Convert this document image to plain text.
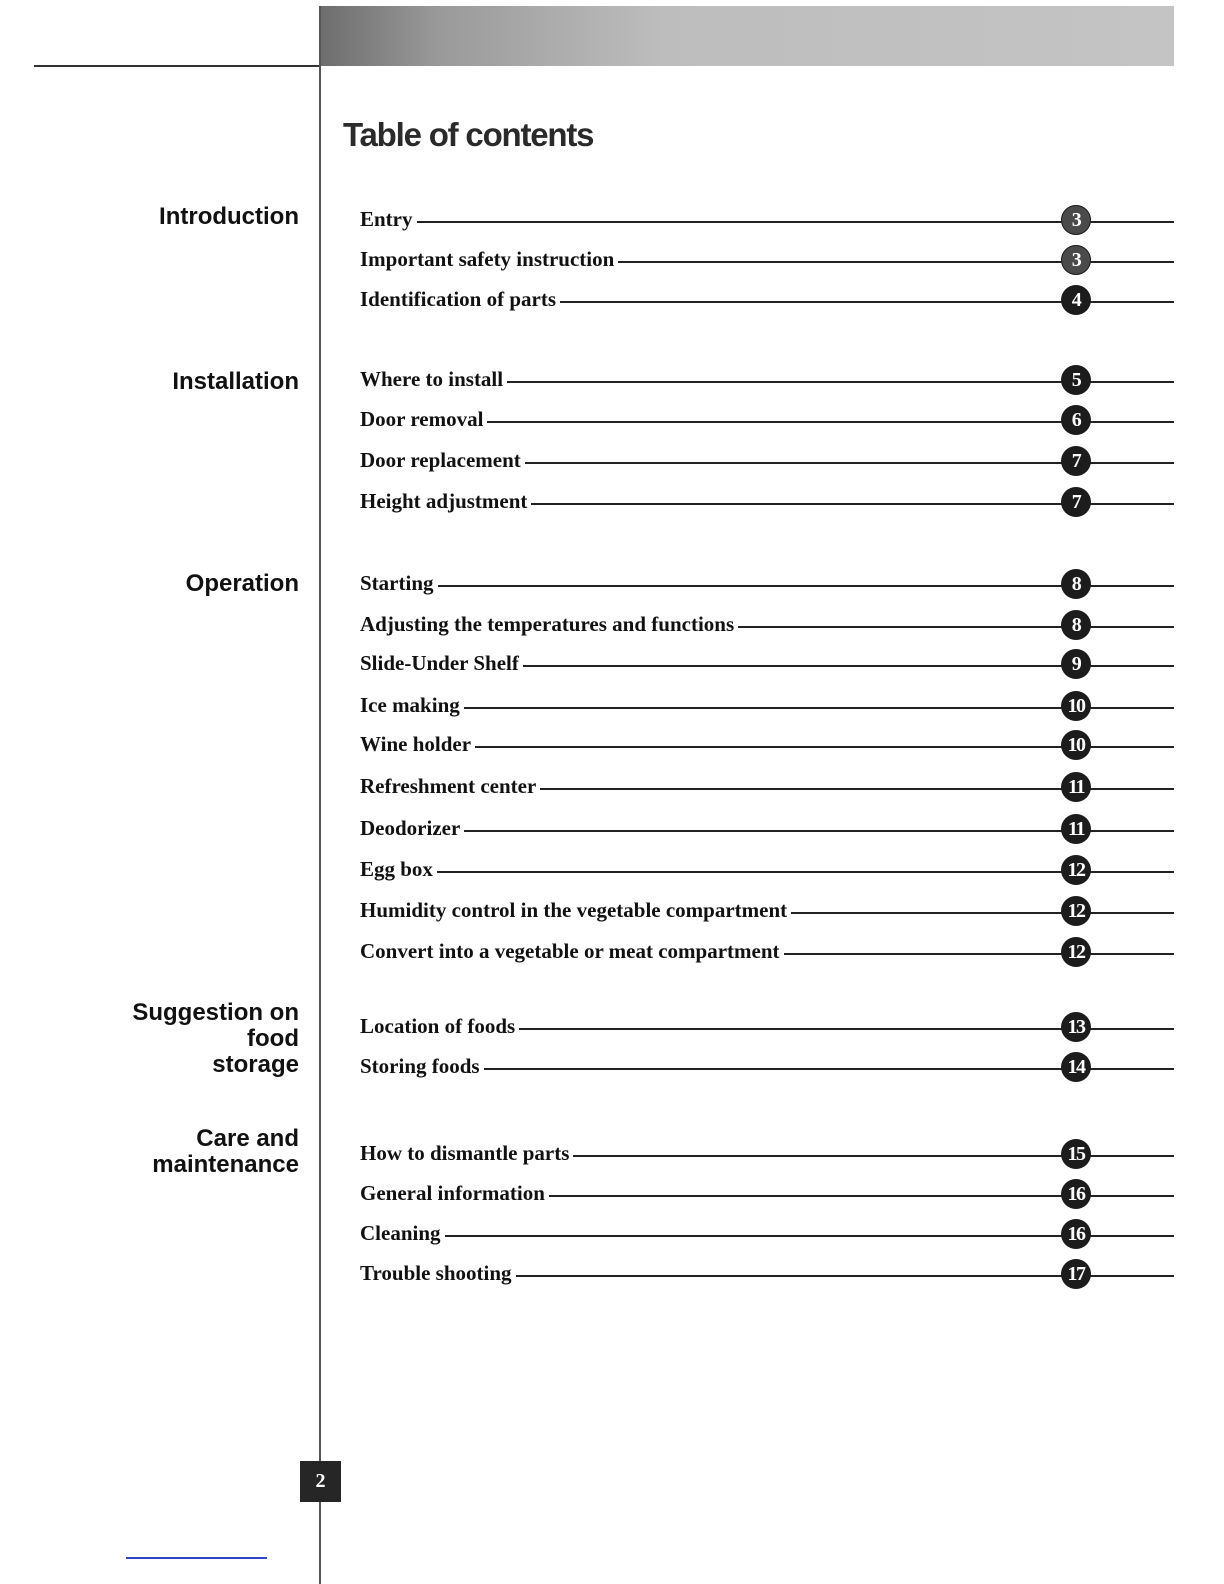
Table of contents
Introduction
Installation
Operation
Suggestion on
food
storage
Care and
maintenance
Entry	3
Important safety instruction	3
Identification of parts	4
Where to install	5
Door removal	6
Door replacement	7
Height adjustment	7
Starting	8
Adjusting the temperatures and functions	8
Slide-Under Shelf	9
Ice making	10
Wine holder	10
Refreshment center	11
Deodorizer	11
Egg box	12
Humidity control in the vegetable compartment	12
Convert into a vegetable or meat compartment	12
Location of foods	13
Storing foods	14
How to dismantle parts	15
General information	16
Cleaning	16
Trouble shooting	17
2
